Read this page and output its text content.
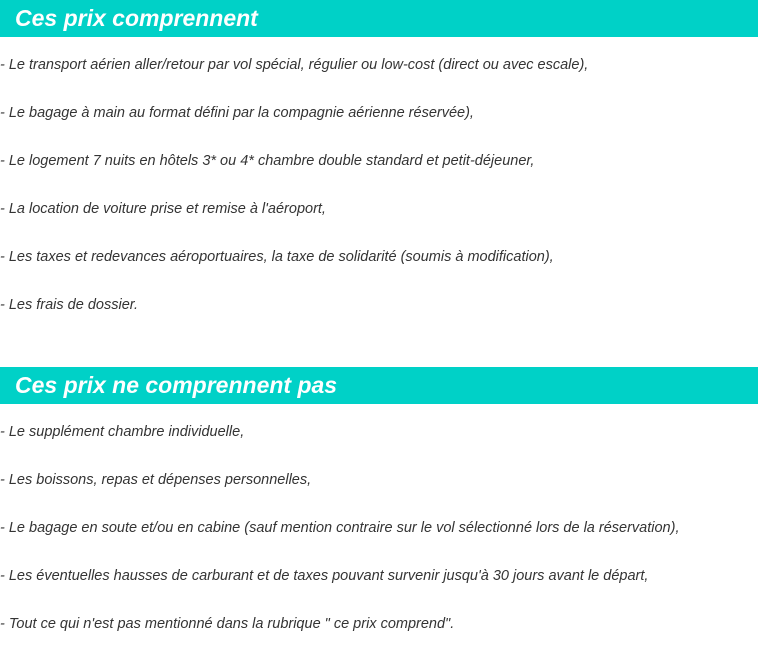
Ces prix comprennent
- Le transport aérien aller/retour par vol spécial, régulier ou low-cost (direct ou avec escale),
- Le bagage à main au format défini par la compagnie aérienne réservée),
- Le logement 7 nuits en hôtels 3* ou 4* chambre double standard et petit-déjeuner,
- La location de voiture prise et remise à l'aéroport,
- Les taxes et redevances aéroportuaires, la taxe de solidarité (soumis à modification),
- Les frais de dossier.
Ces prix ne comprennent pas
- Le supplément chambre individuelle,
- Les boissons, repas et dépenses personnelles,
- Le bagage en soute et/ou en cabine (sauf mention contraire sur le vol sélectionné lors de la réservation),
- Les éventuelles hausses de carburant et de taxes pouvant survenir jusqu'à 30 jours avant le départ,
- Tout ce qui n'est pas mentionné dans la rubrique " ce prix comprend".
